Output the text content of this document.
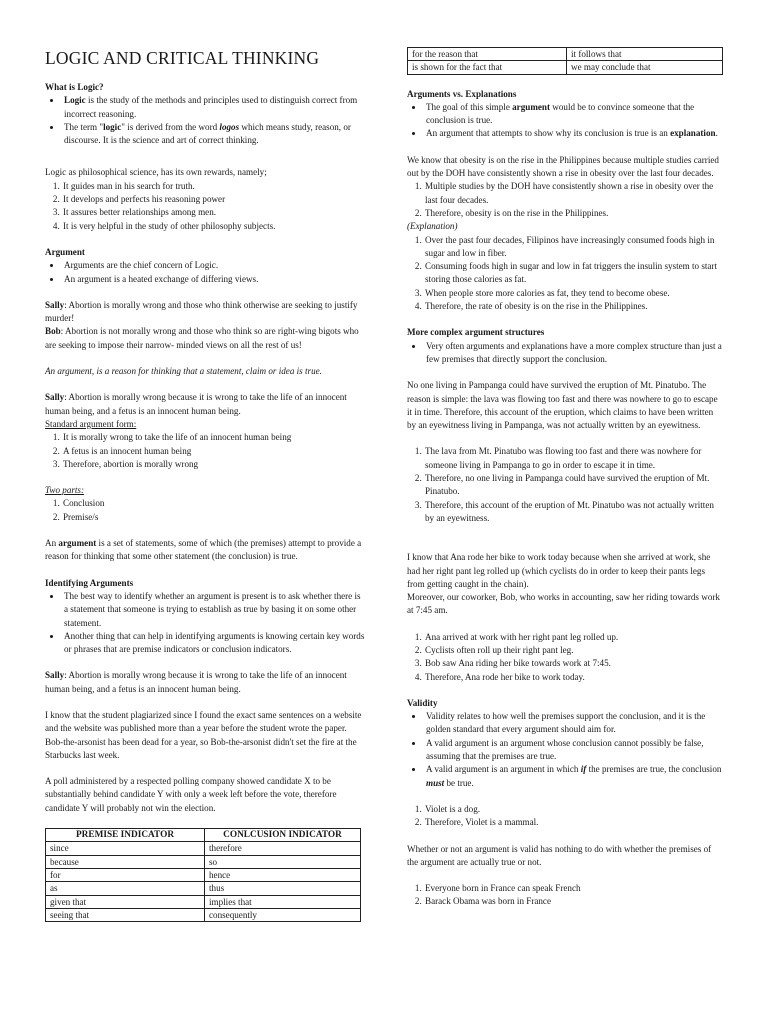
LOGIC AND CRITICAL THINKING
What is Logic?
• Logic is the study of the methods and principles used to distinguish correct from incorrect reasoning.
• The term "logic" is derived from the word logos which means study, reason, or discourse. It is the science and art of correct thinking.

Logic as philosophical science, has its own rewards, namely;

1. It guides man in his search for truth.
2. It develops and perfects his reasoning power
3. It assures better relationships among men.
4. It is very helpful in the study of other philosophy subjects.
Argument
• Arguments are the chief concern of Logic.
• An argument is a heated exchange of differing views.

Sally: Abortion is morally wrong and those who think otherwise are seeking to justify murder!

Bob: Abortion is not morally wrong and those who think so are right-wing bigots who are seeking to impose their narrow- minded views on all the rest of us!

An argument, is a reason for thinking that a statement, claim or idea is true.

Sally: Abortion is morally wrong because it is wrong to take the life of an innocent human being, and a fetus is an innocent human being.

Standard argument form:

1. It is morally wrong to take the life of an innocent human being
2. A fetus is an innocent human being
3. Therefore, abortion is morally wrong

Two parts:

1. Conclusion
2. Premise/s

An argument is a set of statements, some of which (the premises) attempt to provide a reason for thinking that some other statement (the conclusion) is true.

Identifying Arguments
• The best way to identify whether an argument is present is to ask whether there is a statement that someone is trying to establish as true by basing it on some other statement.
• Another thing that can help in identifying arguments is knowing certain key words or phrases that are premise indicators or conclusion indicators.

Sally: Abortion is morally wrong because it is wrong to take the life of an innocent human being, and a fetus is an innocent human being.

I know that the student plagiarized since I found the exact same sentences on a website and the website was published more than a year before the student wrote the paper.

Bob-the-arsonist has been dead for a year, so Bob-the-arsonist didn't set the fire at the Starbucks last week.

A poll administered by a respected polling company showed candidate X to be substantially behind candidate Y with only a week left before the vote, therefore candidate Y will probably not win the election.

PREMISE INDICATOR	CONLCUSION INDICATOR
since	therefore
because	so
for	hence
as	thus
given that	implies that
seeing that	consequently
for the reason that	it follows that
is shown for the fact that	we may conclude that
Arguments vs. Explanations
• The goal of this simple argument would be to convince someone that the conclusion is true.
• An argument that attempts to show why its conclusion is true is an explanation.

We know that obesity is on the rise in the Philippines because multiple studies carried out by the DOH have consistently shown a rise in obesity over the last four decades.

1. Multiple studies by the DOH have consistently shown a rise in obesity over the last four decades.
2. Therefore, obesity is on the rise in the Philippines.

(Explanation)

1. Over the past four decades, Filipinos have increasingly consumed foods high in sugar and low in fiber.
2. Consuming foods high in sugar and low in fat triggers the insulin system to start storing those calories as fat.
3. When people store more calories as fat, they tend to become obese.
4. Therefore, the rate of obesity is on the rise in the Philippines.
More complex argument structures
• Very often arguments and explanations have a more complex structure than just a few premises that directly support the conclusion.

No one living in Pampanga could have survived the eruption of Mt. Pinatubo. The reason is simple: the lava was flowing too fast and there was nowhere to go to escape it in time. Therefore, this account of the eruption, which claims to have been written by an eyewitness living in Pampanga, was not actually written by an eyewitness.

1. The lava from Mt. Pinatubo was flowing too fast and there was nowhere for someone living in Pampanga to go in order to escape it in time.
2. Therefore, no one living in Pampanga could have survived the eruption of Mt. Pinatubo.
3. Therefore, this account of the eruption of Mt. Pinatubo was not actually written by an eyewitness.

I know that Ana rode her bike to work today because when she arrived at work, she had her right pant leg rolled up (which cyclists do in order to keep their pants legs from getting caught in the chain).

Moreover, our coworker, Bob, who works in accounting, saw her riding towards work at 7:45 am.

1. Ana arrived at work with her right pant leg rolled up.
2. Cyclists often roll up their right pant leg.
3. Bob saw Ana riding her bike towards work at 7:45.
4. Therefore, Ana rode her bike to work today.
Validity
• Validity relates to how well the premises support the conclusion, and it is the golden standard that every argument should aim for.
• A valid argument is an argument whose conclusion cannot possibly be false, assuming that the premises are true.
• A valid argument is an argument in which if the premises are true, the conclusion must be true.
1. Violet is a dog.
2. Therefore, Violet is a mammal.

Whether or not an argument is valid has nothing to do with whether the premises of the argument are actually true or not.

1. Everyone born in France can speak French
2. Barack Obama was born in France
